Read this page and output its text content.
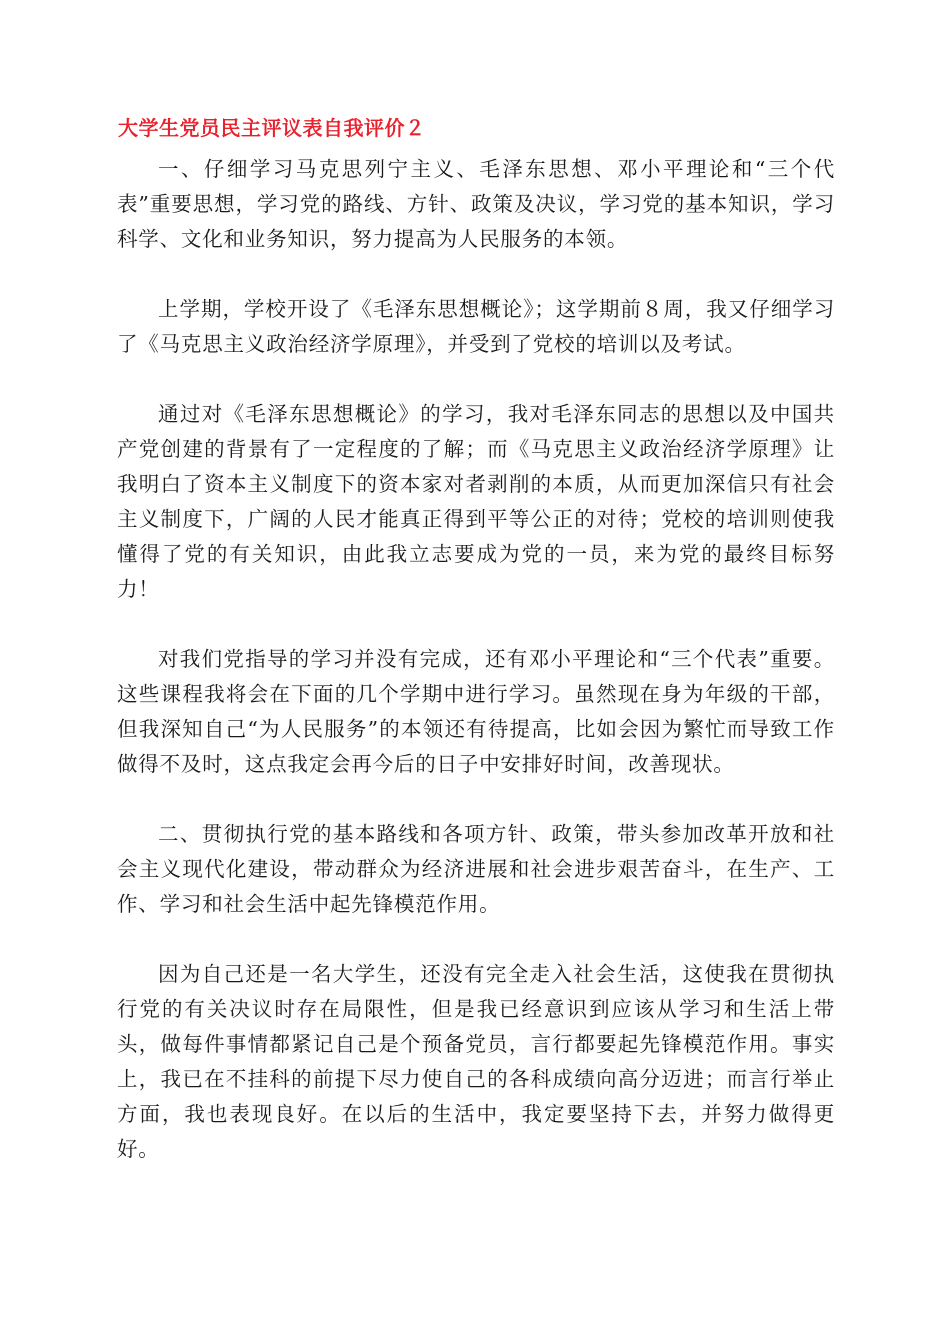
大学生党员民主评议表自我评价２

一、仔细学习马克思列宁主义、毛泽东思想、邓小平理论和“三个代表”重要思想，学习党的路线、方针、政策及决议，学习党的基本知识，学习科学、文化和业务知识，努力提高为人民服务的本领。

上学期，学校开设了《毛泽东思想概论》；这学期前８周，我又仔细学习了《马克思主义政治经济学原理》，并受到了党校的培训以及考试。

通过对《毛泽东思想概论》的学习，我对毛泽东同志的思想以及中国共产党创建的背景有了一定程度的了解；而《马克思主义政治经济学原理》让我明白了资本主义制度下的资本家对者剥削的本质，从而更加深信只有社会主义制度下，广阔的人民才能真正得到平等公正的对待；党校的培训则使我懂得了党的有关知识，由此我立志要成为党的一员，来为党的最终目标努力！

对我们党指导的学习并没有完成，还有邓小平理论和“三个代表”重要。这些课程我将会在下面的几个学期中进行学习。虽然现在身为年级的干部，但我深知自己“为人民服务”的本领还有待提高，比如会因为繁忙而导致工作做得不及时，这点我定会再今后的日子中安排好时间，改善现状。

二、贯彻执行党的基本路线和各项方针、政策，带头参加改革开放和社会主义现代化建设，带动群众为经济进展和社会进步艰苦奋斗，在生产、工作、学习和社会生活中起先锋模范作用。

因为自己还是一名大学生，还没有完全走入社会生活，这使我在贯彻执行党的有关决议时存在局限性，但是我已经意识到应该从学习和生活上带头，做每件事情都紧记自己是个预备党员，言行都要起先锋模范作用。事实上，我已在不挂科的前提下尽力使自己的各科成绩向高分迈进；而言行举止方面，我也表现良好。在以后的生活中，我定要坚持下去，并努力做得更好。
